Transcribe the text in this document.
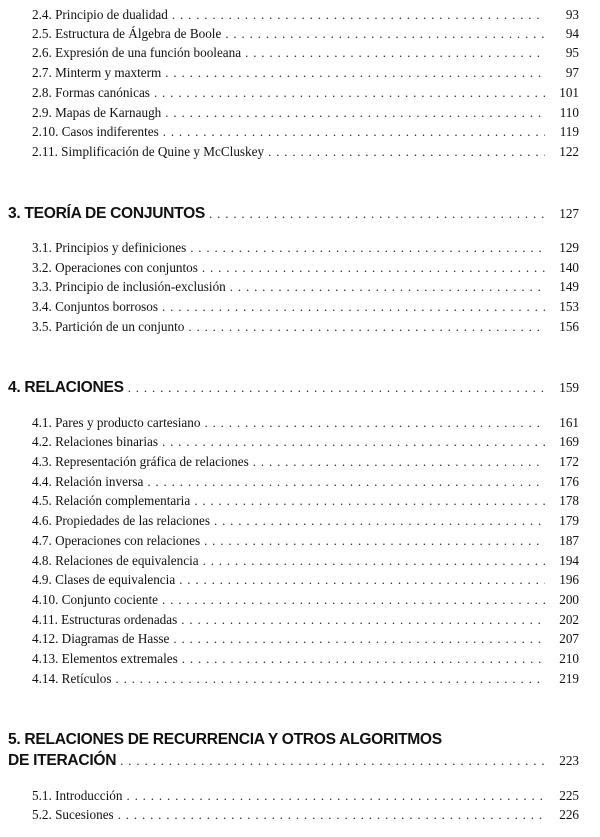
2.4. Principio de dualidad . . .	93
2.5. Estructura de Álgebra de Boole . . .	94
2.6. Expresión de una función booleana . . .	95
2.7. Minterm y maxterm . . .	97
2.8. Formas canónicas . . .	101
2.9. Mapas de Karnaugh . . .	110
2.10. Casos indiferentes . . .	119
2.11. Simplificación de Quine y McCluskey . . .	122
3. TEORÍA DE CONJUNTOS . . .	127
3.1. Principios y definiciones . . .	129
3.2. Operaciones con conjuntos . . .	140
3.3. Principio de inclusión-exclusión . . .	149
3.4. Conjuntos borrosos . . .	153
3.5. Partición de un conjunto . . .	156
4. RELACIONES . . .	159
4.1. Pares y producto cartesiano . . .	161
4.2. Relaciones binarias . . .	169
4.3. Representación gráfica de relaciones . . .	172
4.4. Relación inversa . . .	176
4.5. Relación complementaria . . .	178
4.6. Propiedades de las relaciones . . .	179
4.7. Operaciones con relaciones . . .	187
4.8. Relaciones de equivalencia . . .	194
4.9. Clases de equivalencia . . .	196
4.10. Conjunto cociente . . .	200
4.11. Estructuras ordenadas . . .	202
4.12. Diagramas de Hasse . . .	207
4.13. Elementos extremales . . .	210
4.14. Retículos . . .	219
5. RELACIONES DE RECURRENCIA Y OTROS ALGORITMOS
DE ITERACIÓN . . .	223
5.1. Introducción . . .	225
5.2. Sucesiones . . .	226
